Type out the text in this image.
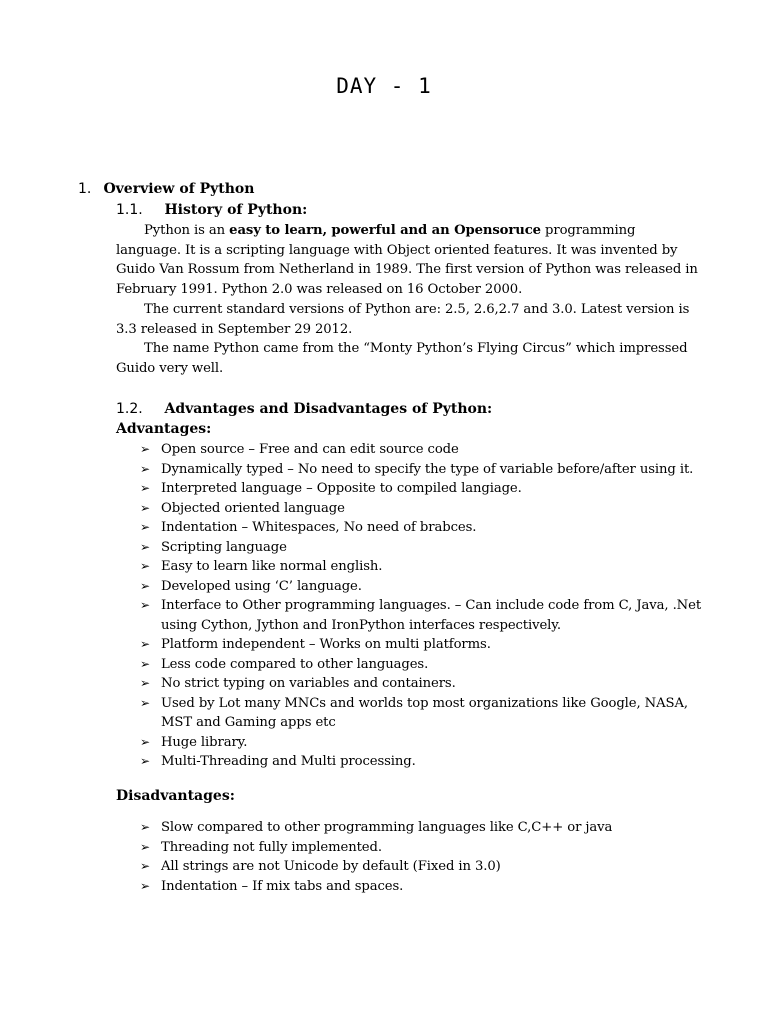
DAY - 1
1. Overview of Python
1.1. History of Python:

Python is an easy to learn, powerful and an Opensoruce programming language. It is a scripting language with Object oriented features. It was invented by Guido Van Rossum from Netherland in 1989. The first version of Python was released in February 1991. Python 2.0 was released on 16 October 2000.

The current standard versions of Python are: 2.5, 2.6,2.7 and 3.0. Latest version is 3.3 released in September 29 2012.

The name Python came from the “Monty Python’s Flying Circus” which impressed Guido very well.

1.2. Advantages and Disadvantages of Python:
Advantages:
➢ Open source – Free and can edit source code
➢ Dynamically typed – No need to specify the type of variable before/after using it.
➢ Interpreted language – Opposite to compiled langiage.
➢ Objected oriented language
➢ Indentation – Whitespaces, No need of brabces.
➢ Scripting language
➢ Easy to learn like normal english.
➢ Developed using ‘C’ language.
➢ Interface to Other programming languages. – Can include code from C, Java, .Net using Cython, Jython and IronPython interfaces respectively.
➢ Platform independent – Works on multi platforms.
➢ Less code compared to other languages.
➢ No strict typing on variables and containers.
➢ Used by Lot many MNCs and worlds top most organizations like Google, NASA, MST and Gaming apps etc
➢ Huge library.
➢ Multi-Threading and Multi processing.
Disadvantages:
➢ Slow compared to other programming languages like C,C++ or java
➢ Threading not fully implemented.
➢ All strings are not Unicode by default (Fixed in 3.0)
➢ Indentation – If mix tabs and spaces.
